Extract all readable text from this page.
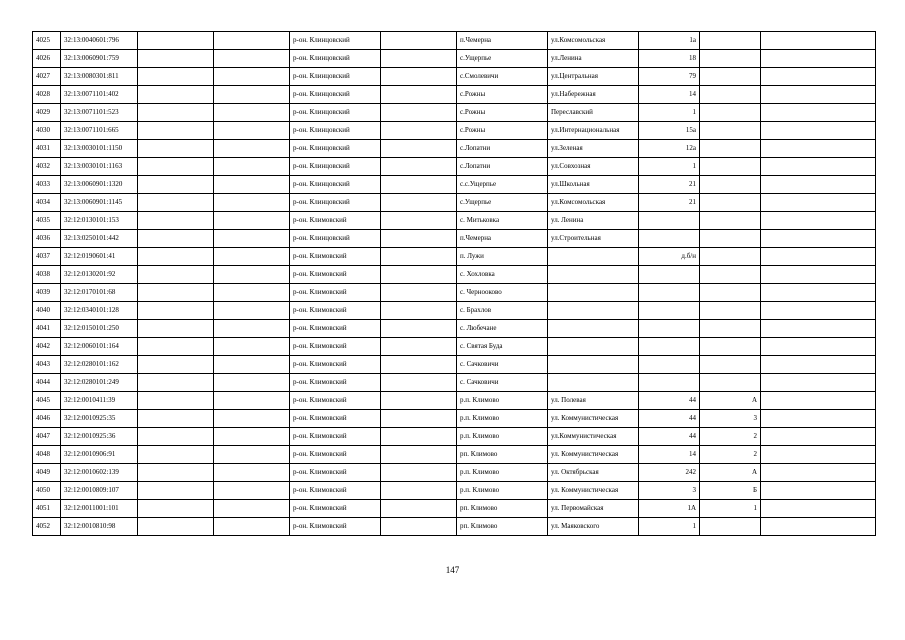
4025	32:13:0040601:796			р-он. Клинцовский		п.Чемерна	ул.Комсомольская	1а		
4026	32:13:0060901:759			р-он. Клинцовский		с.Ущерпье	ул.Ленина	18		
4027	32:13:0080301:811			р-он. Клинцовский		с.Смолевичи	ул.Центральная	79		
4028	32:13:0071101:402			р-он. Клинцовский		с.Рожны	ул.Набережная	14		
4029	32:13:0071101:523			р-он. Клинцовский		с.Рожны	Переславский	1		
4030	32:13:0071101:665			р-он. Клинцовский		с.Рожны	ул.Интернациональная	15а		
4031	32:13:0030101:1150			р-он. Клинцовский		с.Лопатни	ул.Зеленая	12а		
4032	32:13:0030101:1163			р-он. Клинцовский		с.Лопатни	ул.Совхозная	1		
4033	32:13:0060901:1320			р-он. Клинцовский		с.с.Ущерпье	ул.Школьная	21		
4034	32:13:0060901:1145			р-он. Клинцовский		с.Ущерпье	ул.Комсомольская	21		
4035	32:12:0130101:153			р-он. Климовский		с. Митьковка	ул. Ленина			
4036	32:13:0250101:442			р-он. Клинцовский		п.Чемерна	ул.Строительная			
4037	32:12:0190601:41			р-он. Климовский		п. Лужи		д.б/н		
4038	32:12:0130201:92			р-он. Климовский		с. Хохловка				
4039	32:12:0170101:68			р-он. Климовский		с. Чернооково				
4040	32:12:0340101:128			р-он. Климовский		с. Брахлов				
4041	32:12:0150101:250			р-он. Климовский		с. Любечане				
4042	32:12:0060101:164			р-он. Климовский		с. Святая Буда				
4043	32:12:0280101:162			р-он. Климовский		с. Сачковичи				
4044	32:12:0280101:249			р-он. Климовский		с. Сачковичи				
4045	32:12:0010411:39			р-он. Климовский		р.п. Климово	ул. Полевая	44	А	
4046	32:12:0010925:35			р-он. Климовский		р.п. Климово	ул. Коммунистическая	44	3	
4047	32:12:0010925:36			р-он. Климовский		р.п. Климово	ул.Коммунистическая	44	2	
4048	32:12:0010906:91			р-он. Климовский		рп. Климово	ул. Коммунистическая	14	2	
4049	32:12:0010602:139			р-он. Климовский		р.п. Климово	ул. Октябрьская	242	А	
4050	32:12:0010809:107			р-он. Климовский		р.п. Климово	ул. Коммунистическая	3	Б	
4051	32:12:0011001:101			р-он. Климовский		рп. Климово	ул. Первомайская	1А	1	
4052	32:12:0010810:98			р-он. Климовский		рп. Климово	ул. Маяковского	1		
147
